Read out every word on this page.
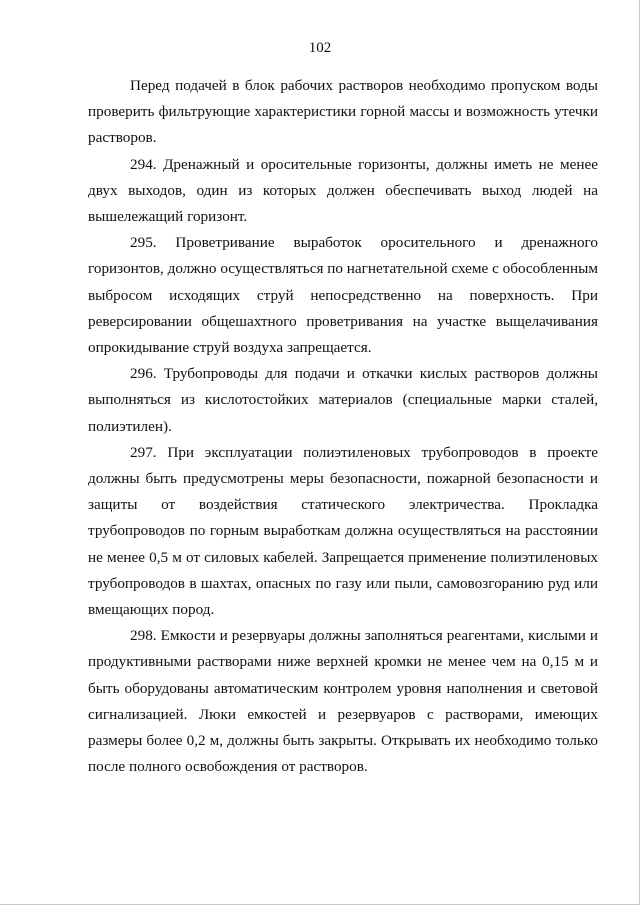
102

Перед подачей в блок рабочих растворов необходимо пропуском воды проверить фильтрующие характеристики горной массы и возможность утечки растворов.

294. Дренажный и оросительные горизонты, должны иметь не менее двух выходов, один из которых должен обеспечивать выход людей на вышележащий горизонт.

295. Проветривание выработок оросительного и дренажного горизонтов, должно осуществляться по нагнетательной схеме с обособленным выбросом исходящих струй непосредственно на поверхность. При реверсировании общешахтного проветривания на участке выщелачивания опрокидывание струй воздуха запрещается.

296. Трубопроводы для подачи и откачки кислых растворов должны выполняться из кислотостойких материалов (специальные марки сталей, полиэтилен).

297. При эксплуатации полиэтиленовых трубопроводов в проекте должны быть предусмотрены меры безопасности, пожарной безопасности и защиты от воздействия статического электричества. Прокладка трубопроводов по горным выработкам должна осуществляться на расстоянии не менее 0,5 м от силовых кабелей. Запрещается применение полиэтиленовых трубопроводов в шахтах, опасных по газу или пыли, самовозгоранию руд или вмещающих пород.

298. Емкости и резервуары должны заполняться реагентами, кислыми и продуктивными растворами ниже верхней кромки не менее чем на 0,15 м и быть оборудованы автоматическим контролем уровня наполнения и световой сигнализацией. Люки емкостей и резервуаров с растворами, имеющих размеры более 0,2 м, должны быть закрыты. Открывать их необходимо только после полного освобождения от растворов.
